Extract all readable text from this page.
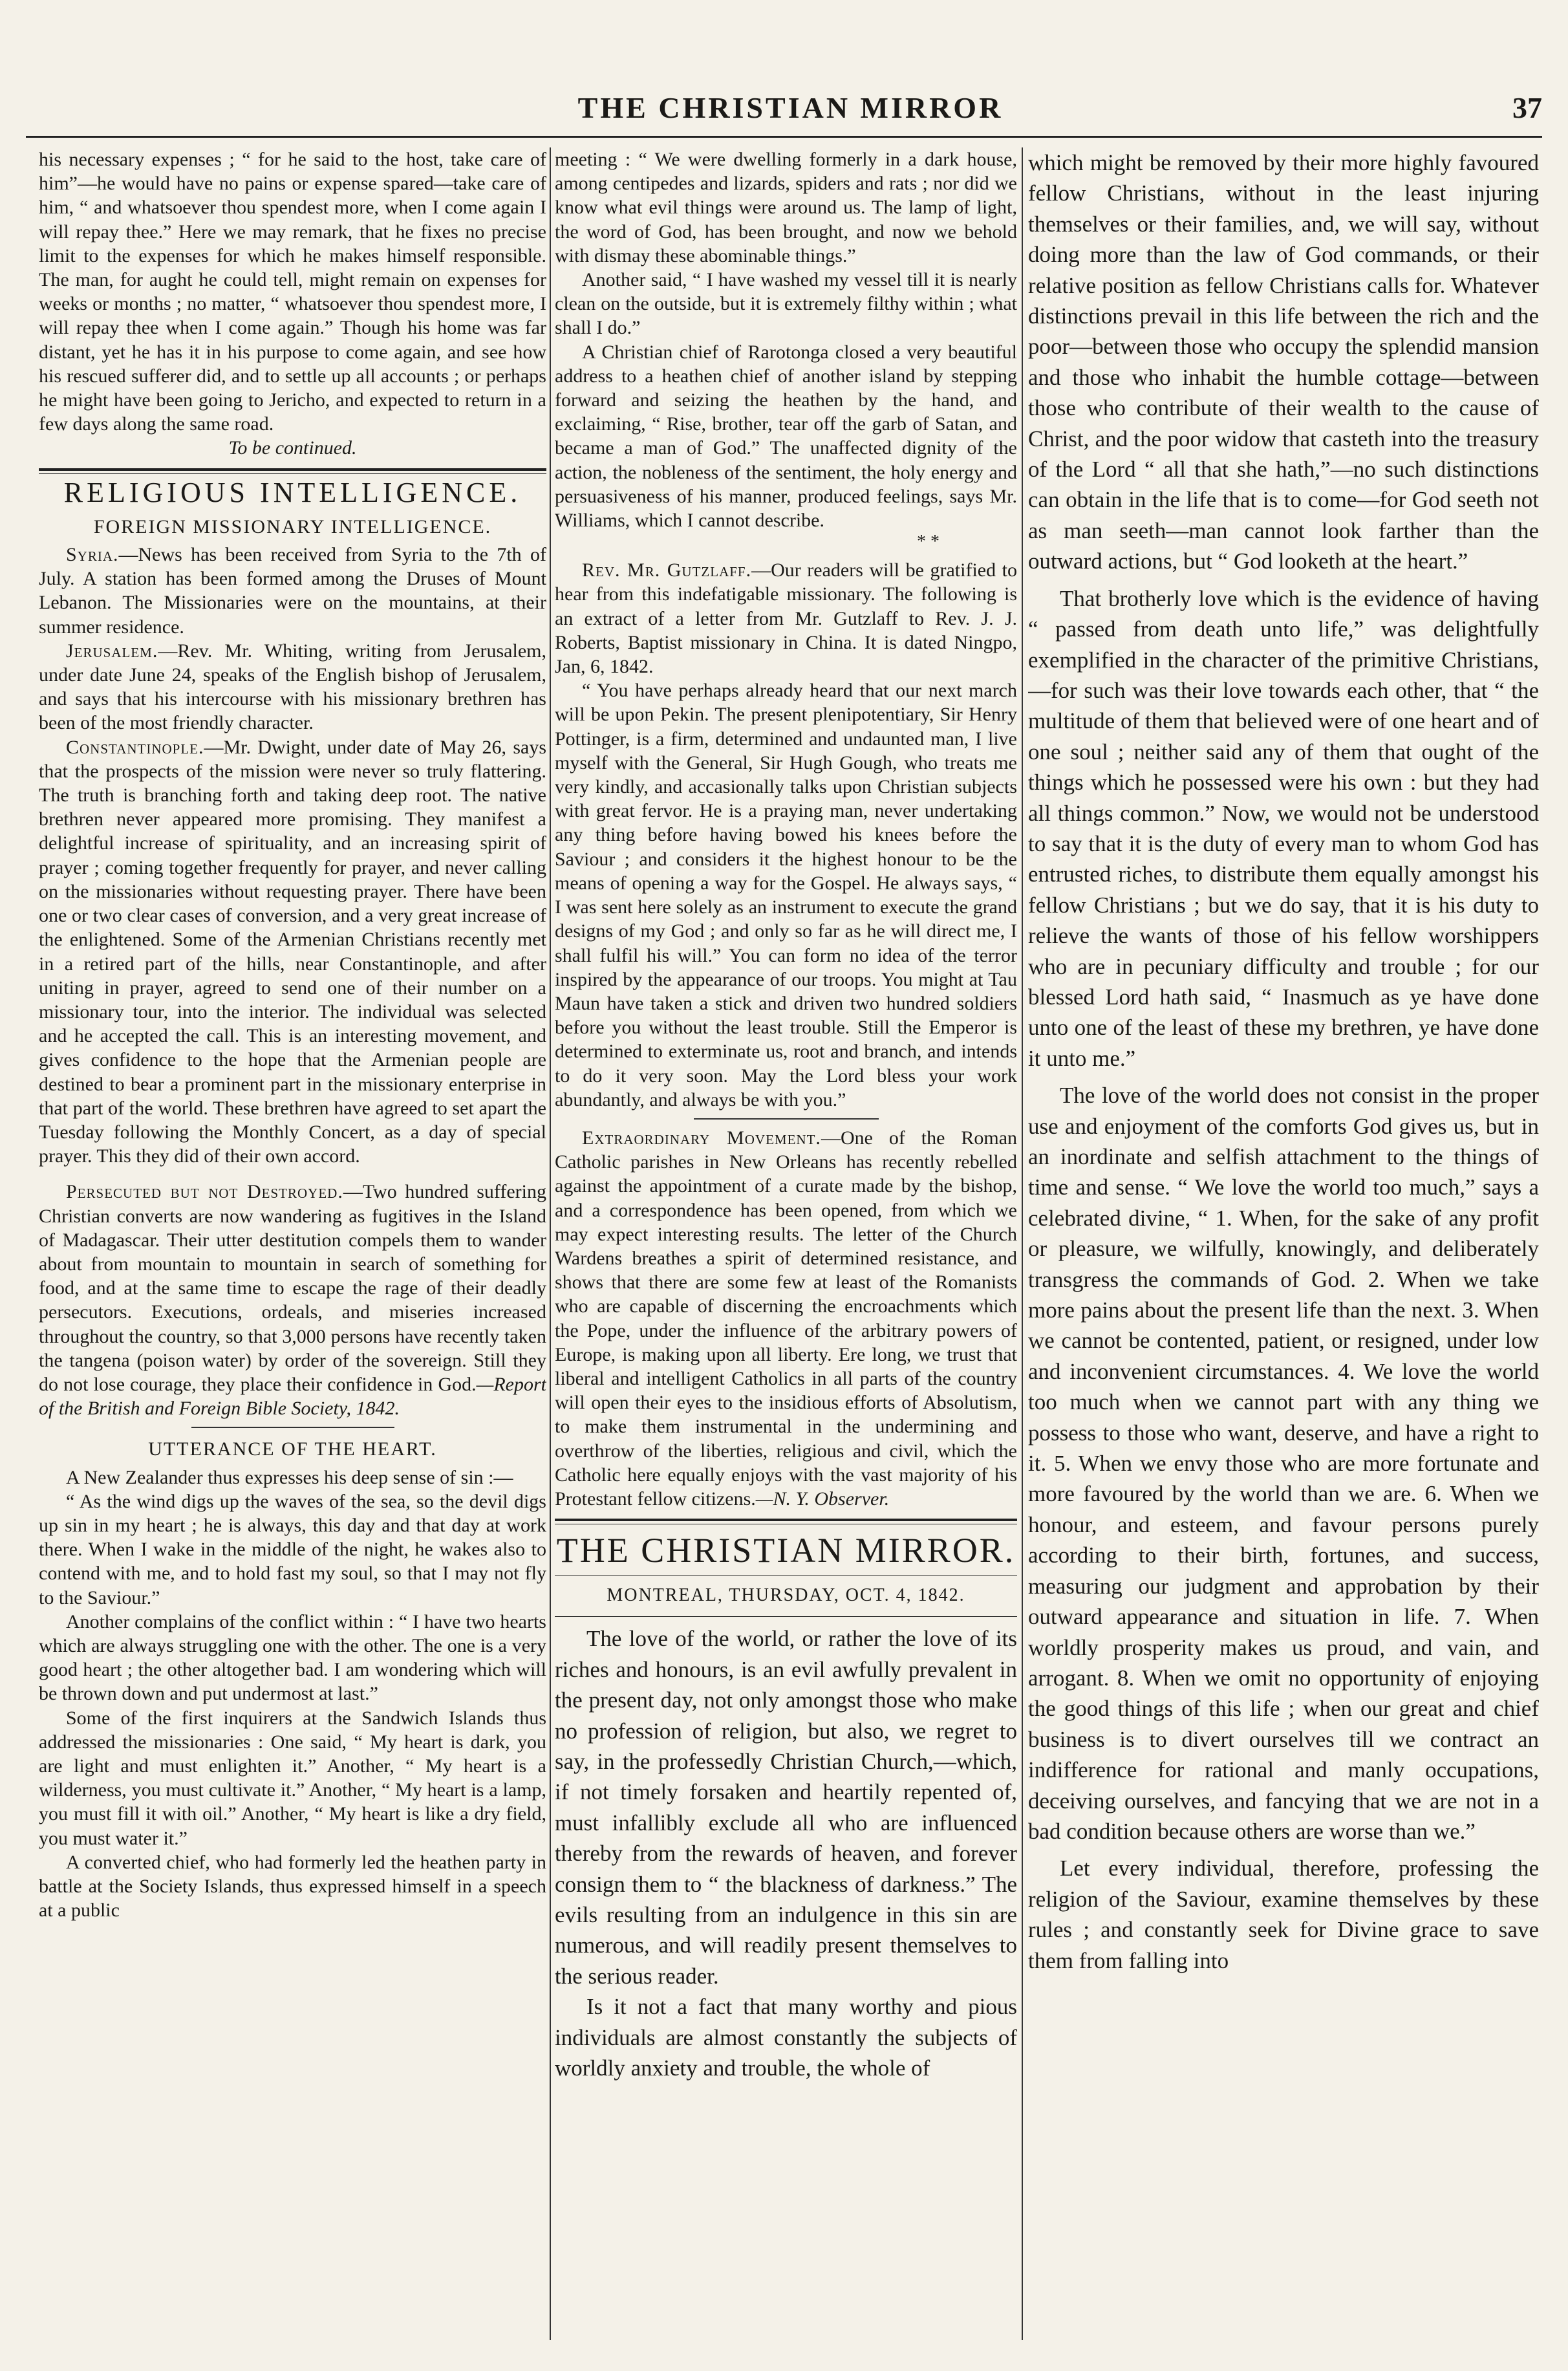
THE CHRISTIAN MIRROR	37

his necessary expenses ; “ for he said to the host, take care of him”—he would have no pains or expense spared—take care of him, “ and whatsoever thou spendest more, when I come again I will repay thee.” Here we may remark, that he fixes no precise limit to the expenses for which he makes himself responsible. The man, for aught he could tell, might remain on expenses for weeks or months ; no matter, “ whatsoever thou spendest more, I will repay thee when I come again.” Though his home was far distant, yet he has it in his purpose to come again, and see how his rescued sufferer did, and to settle up all accounts ; or perhaps he might have been going to Jericho, and expected to return in a few days along the same road.

To be continued.
RELIGIOUS INTELLIGENCE.
FOREIGN MISSIONARY INTELLIGENCE.

Syria.—News has been received from Syria to the 7th of July. A station has been formed among the Druses of Mount Lebanon. The Missionaries were on the mountains, at their summer residence.

Jerusalem.—Rev. Mr. Whiting, writing from Jerusalem, under date June 24, speaks of the English bishop of Jerusalem, and says that his intercourse with his missionary brethren has been of the most friendly character.

Constantinople.—Mr. Dwight, under date of May 26, says that the prospects of the mission were never so truly flattering. The truth is branching forth and taking deep root. The native brethren never appeared more promising. They manifest a delightful increase of spirituality, and an increasing spirit of prayer ; coming together frequently for prayer, and never calling on the missionaries without requesting prayer. There have been one or two clear cases of conversion, and a very great increase of the enlightened. Some of the Armenian Christians recently met in a retired part of the hills, near Constantinople, and after uniting in prayer, agreed to send one of their number on a missionary tour, into the interior. The individual was selected and he accepted the call. This is an interesting movement, and gives confidence to the hope that the Armenian people are destined to bear a prominent part in the missionary enterprise in that part of the world. These brethren have agreed to set apart the Tuesday following the Monthly Concert, as a day of special prayer. This they did of their own accord.

Persecuted but not Destroyed.—Two hundred suffering Christian converts are now wandering as fugitives in the Island of Madagascar. Their utter destitution compels them to wander about from mountain to mountain in search of something for food, and at the same time to escape the rage of their deadly persecutors. Executions, ordeals, and miseries increased throughout the country, so that 3,000 persons have recently taken the tangena (poison water) by order of the sovereign. Still they do not lose courage, they place their confidence in God.—Report of the British and Foreign Bible Society, 1842.

UTTERANCE OF THE HEART.

A New Zealander thus expresses his deep sense of sin :—

“ As the wind digs up the waves of the sea, so the devil digs up sin in my heart ; he is always, this day and that day at work there. When I wake in the middle of the night, he wakes also to contend with me, and to hold fast my soul, so that I may not fly to the Saviour.”

Another complains of the conflict within : “ I have two hearts which are always struggling one with the other. The one is a very good heart ; the other altogether bad. I am wondering which will be thrown down and put undermost at last.”

Some of the first inquirers at the Sandwich Islands thus addressed the missionaries : One said, “ My heart is dark, you are light and must enlighten it.” Another, “ My heart is a wilderness, you must cultivate it.” Another, “ My heart is a lamp, you must fill it with oil.” Another, “ My heart is like a dry field, you must water it.”

A converted chief, who had formerly led the heathen party in battle at the Society Islands, thus expressed himself in a speech at a public

meeting : “ We were dwelling formerly in a dark house, among centipedes and lizards, spiders and rats ; nor did we know what evil things were around us. The lamp of light, the word of God, has been brought, and now we behold with dismay these abominable things.”

Another said, “ I have washed my vessel till it is nearly clean on the outside, but it is extremely filthy within ; what shall I do.”

A Christian chief of Rarotonga closed a very beautiful address to a heathen chief of another island by stepping forward and seizing the heathen by the hand, and exclaiming, “ Rise, brother, tear off the garb of Satan, and became a man of God.” The unaffected dignity of the action, the nobleness of the sentiment, the holy energy and persuasiveness of his manner, produced feelings, says Mr. Williams, which I cannot describe.

* *

Rev. Mr. Gutzlaff.—Our readers will be gratified to hear from this indefatigable missionary. The following is an extract of a letter from Mr. Gutzlaff to Rev. J. J. Roberts, Baptist missionary in China. It is dated Ningpo, Jan, 6, 1842.

“ You have perhaps already heard that our next march will be upon Pekin. The present plenipotentiary, Sir Henry Pottinger, is a firm, determined and undaunted man, I live myself with the General, Sir Hugh Gough, who treats me very kindly, and accasionally talks upon Christian subjects with great fervor. He is a praying man, never undertaking any thing before having bowed his knees before the Saviour ; and considers it the highest honour to be the means of opening a way for the Gospel. He always says, “ I was sent here solely as an instrument to execute the grand designs of my God ; and only so far as he will direct me, I shall fulfil his will.” You can form no idea of the terror inspired by the appearance of our troops. You might at Tau Maun have taken a stick and driven two hundred soldiers before you without the least trouble. Still the Emperor is determined to exterminate us, root and branch, and intends to do it very soon. May the Lord bless your work abundantly, and always be with you.”

Extraordinary Movement.—One of the Roman Catholic parishes in New Orleans has recently rebelled against the appointment of a curate made by the bishop, and a correspondence has been opened, from which we may expect interesting results. The letter of the Church Wardens breathes a spirit of determined resistance, and shows that there are some few at least of the Romanists who are capable of discerning the encroachments which the Pope, under the influence of the arbitrary powers of Europe, is making upon all liberty. Ere long, we trust that liberal and intelligent Catholics in all parts of the country will open their eyes to the insidious efforts of Absolutism, to make them instrumental in the undermining and overthrow of the liberties, religious and civil, which the Catholic here equally enjoys with the vast majority of his Protestant fellow citizens.—N. Y. Observer.

THE CHRISTIAN MIRROR.
MONTREAL, THURSDAY, OCT. 4, 1842.

The love of the world, or rather the love of its riches and honours, is an evil awfully prevalent in the present day, not only amongst those who make no profession of religion, but also, we regret to say, in the professedly Christian Church,—which, if not timely forsaken and heartily repented of, must infallibly exclude all who are influenced thereby from the rewards of heaven, and forever consign them to “ the blackness of darkness.” The evils resulting from an indulgence in this sin are numerous, and will readily present themselves to the serious reader.

Is it not a fact that many worthy and pious individuals are almost constantly the subjects of worldly anxiety and trouble, the whole of

which might be removed by their more highly favoured fellow Christians, without in the least injuring themselves or their families, and, we will say, without doing more than the law of God commands, or their relative position as fellow Christians calls for. Whatever distinctions prevail in this life between the rich and the poor—between those who occupy the splendid mansion and those who inhabit the humble cottage—between those who contribute of their wealth to the cause of Christ, and the poor widow that casteth into the treasury of the Lord “ all that she hath,”—no such distinctions can obtain in the life that is to come—for God seeth not as man seeth—man cannot look farther than the outward actions, but “ God looketh at the heart.”

That brotherly love which is the evidence of having “ passed from death unto life,” was delightfully exemplified in the character of the primitive Christians,—for such was their love towards each other, that “ the multitude of them that believed were of one heart and of one soul ; neither said any of them that ought of the things which he possessed were his own : but they had all things common.” Now, we would not be understood to say that it is the duty of every man to whom God has entrusted riches, to distribute them equally amongst his fellow Christians ; but we do say, that it is his duty to relieve the wants of those of his fellow worshippers who are in pecuniary difficulty and trouble ; for our blessed Lord hath said, “ Inasmuch as ye have done unto one of the least of these my brethren, ye have done it unto me.”

The love of the world does not consist in the proper use and enjoyment of the comforts God gives us, but in an inordinate and selfish attachment to the things of time and sense. “ We love the world too much,” says a celebrated divine, “ 1. When, for the sake of any profit or pleasure, we wilfully, knowingly, and deliberately transgress the commands of God. 2. When we take more pains about the present life than the next. 3. When we cannot be contented, patient, or resigned, under low and inconvenient circumstances. 4. We love the world too much when we cannot part with any thing we possess to those who want, deserve, and have a right to it. 5. When we envy those who are more fortunate and more favoured by the world than we are. 6. When we honour, and esteem, and favour persons purely according to their birth, fortunes, and success, measuring our judgment and approbation by their outward appearance and situation in life. 7. When worldly prosperity makes us proud, and vain, and arrogant. 8. When we omit no opportunity of enjoying the good things of this life ; when our great and chief business is to divert ourselves till we contract an indifference for rational and manly occupations, deceiving ourselves, and fancying that we are not in a bad condition because others are worse than we.”

Let every individual, therefore, professing the religion of the Saviour, examine themselves by these rules ; and constantly seek for Divine grace to save them from falling into
